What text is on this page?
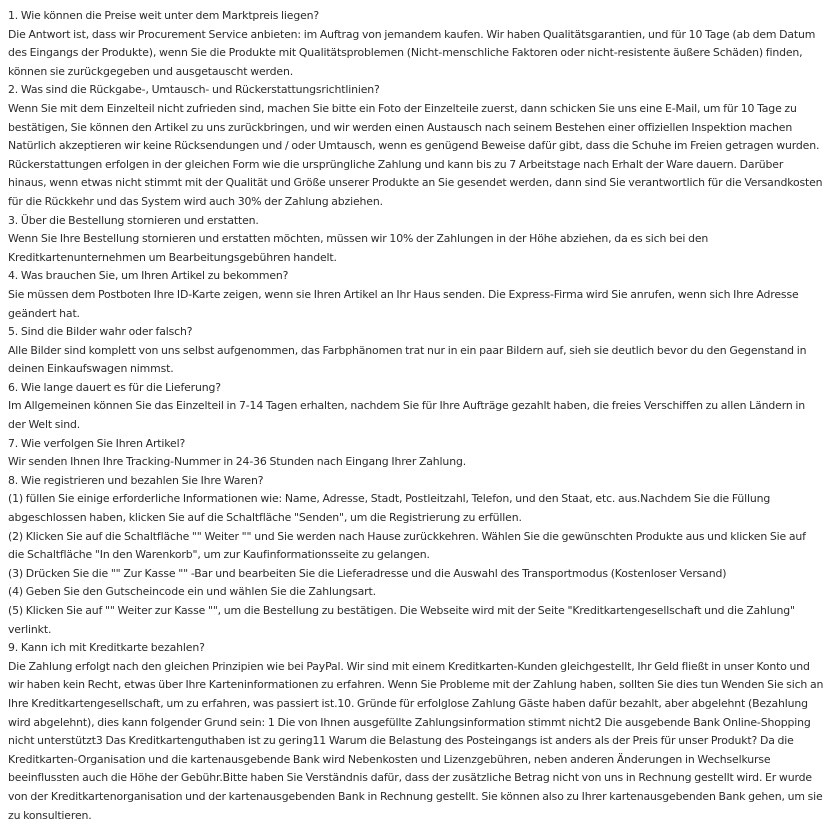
1. Wie können die Preise weit unter dem Marktpreis liegen?

Die Antwort ist, dass wir Procurement Service anbieten: im Auftrag von jemandem kaufen. Wir haben Qualitätsgarantien, und für 10 Tage (ab dem Datum des Eingangs der Produkte), wenn Sie die Produkte mit Qualitätsproblemen (Nicht-menschliche Faktoren oder nicht-resistente äußere Schäden) finden, können sie zurückgegeben und ausgetauscht werden.

2. Was sind die Rückgabe-, Umtausch- und Rückerstattungsrichtlinien?

Wenn Sie mit dem Einzelteil nicht zufrieden sind, machen Sie bitte ein Foto der Einzelteile zuerst, dann schicken Sie uns eine E-Mail, um für 10 Tage zu bestätigen, Sie können den Artikel zu uns zurückbringen, und wir werden einen Austausch nach seinem Bestehen einer offiziellen Inspektion machen Natürlich akzeptieren wir keine Rücksendungen und / oder Umtausch, wenn es genügend Beweise dafür gibt, dass die Schuhe im Freien getragen wurden. Rückerstattungen erfolgen in der gleichen Form wie die ursprüngliche Zahlung und kann bis zu 7 Arbeitstage nach Erhalt der Ware dauern. Darüber hinaus, wenn etwas nicht stimmt mit der Qualität und Größe unserer Produkte an Sie gesendet werden, dann sind Sie verantwortlich für die Versandkosten für die Rückkehr und das System wird auch 30% der Zahlung abziehen.

3. Über die Bestellung stornieren und erstatten.

Wenn Sie Ihre Bestellung stornieren und erstatten möchten, müssen wir 10% der Zahlungen in der Höhe abziehen, da es sich bei den Kreditkartenunternehmen um Bearbeitungsgebühren handelt.

4. Was brauchen Sie, um Ihren Artikel zu bekommen?

Sie müssen dem Postboten Ihre ID-Karte zeigen, wenn sie Ihren Artikel an Ihr Haus senden. Die Express-Firma wird Sie anrufen, wenn sich Ihre Adresse geändert hat.

5. Sind die Bilder wahr oder falsch?

Alle Bilder sind komplett von uns selbst aufgenommen, das Farbphänomen trat nur in ein paar Bildern auf, sieh sie deutlich bevor du den Gegenstand in deinen Einkaufswagen nimmst.

6. Wie lange dauert es für die Lieferung?

Im Allgemeinen können Sie das Einzelteil in 7-14 Tagen erhalten, nachdem Sie für Ihre Aufträge gezahlt haben, die freies Verschiffen zu allen Ländern in der Welt sind.

7. Wie verfolgen Sie Ihren Artikel?

Wir senden Ihnen Ihre Tracking-Nummer in 24-36 Stunden nach Eingang Ihrer Zahlung.

8. Wie registrieren und bezahlen Sie Ihre Waren?

(1) füllen Sie einige erforderliche Informationen wie: Name, Adresse, Stadt, Postleitzahl, Telefon, und den Staat, etc. aus.Nachdem Sie die Füllung abgeschlossen haben, klicken Sie auf die Schaltfläche "Senden", um die Registrierung zu erfüllen.

(2) Klicken Sie auf die Schaltfläche "" Weiter "" und Sie werden nach Hause zurückkehren. Wählen Sie die gewünschten Produkte aus und klicken Sie auf die Schaltfläche "In den Warenkorb", um zur Kaufinformationsseite zu gelangen.

(3) Drücken Sie die "" Zur Kasse "" -Bar und bearbeiten Sie die Lieferadresse und die Auswahl des Transportmodus (Kostenloser Versand)

(4) Geben Sie den Gutscheincode ein und wählen Sie die Zahlungsart.

(5) Klicken Sie auf "" Weiter zur Kasse "", um die Bestellung zu bestätigen. Die Webseite wird mit der Seite "Kreditkartengesellschaft und die Zahlung" verlinkt.

9. Kann ich mit Kreditkarte bezahlen?

Die Zahlung erfolgt nach den gleichen Prinzipien wie bei PayPal. Wir sind mit einem Kreditkarten-Kunden gleichgestellt, Ihr Geld fließt in unser Konto und wir haben kein Recht, etwas über Ihre Karteninformationen zu erfahren. Wenn Sie Probleme mit der Zahlung haben, sollten Sie dies tun Wenden Sie sich an Ihre Kreditkartengesellschaft, um zu erfahren, was passiert ist.10. Gründe für erfolglose Zahlung Gäste haben dafür bezahlt, aber abgelehnt (Bezahlung wird abgelehnt), dies kann folgender Grund sein: 1 Die von Ihnen ausgefüllte Zahlungsinformation stimmt nicht2 Die ausgebende Bank Online-Shopping nicht unterstützt3 Das Kreditkartenguthaben ist zu gering11 Warum die Belastung des Posteingangs ist anders als der Preis für unser Produkt? Da die Kreditkarten-Organisation und die kartenausgebende Bank wird Nebenkosten und Lizenzgebühren, neben anderen Änderungen in Wechselkurse beeinflussten auch die Höhe der Gebühr.Bitte haben Sie Verständnis dafür, dass der zusätzliche Betrag nicht von uns in Rechnung gestellt wird. Er wurde von der Kreditkartenorganisation und der kartenausgebenden Bank in Rechnung gestellt. Sie können also zu Ihrer kartenausgebenden Bank gehen, um sie zu konsultieren.
